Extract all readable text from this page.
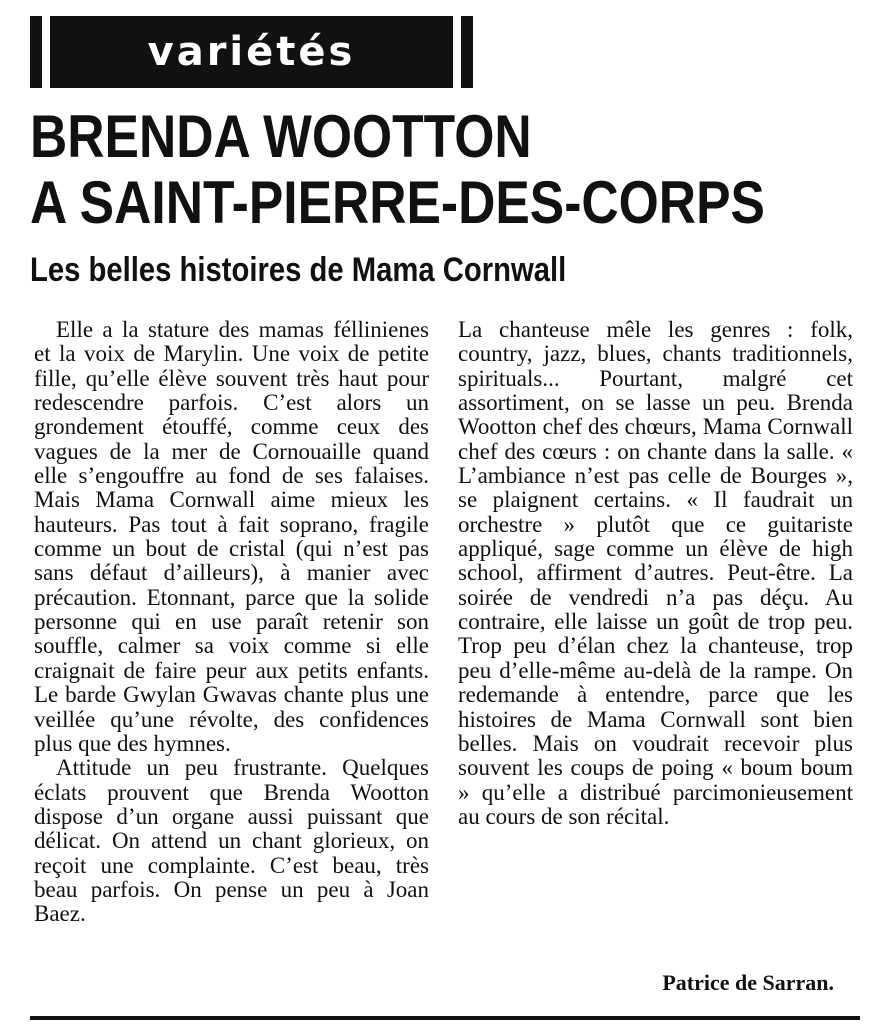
variétés
BRENDA WOOTTON
A SAINT-PIERRE-DES-CORPS
Les belles histoires de Mama Cornwall

Elle a la stature des mamas féllinienes et la voix de Marylin. Une voix de petite fille, qu’elle élève souvent très haut pour redescendre parfois. C’est alors un grondement étouffé, comme ceux des vagues de la mer de Cornouaille quand elle s’engouffre au fond de ses falaises. Mais Mama Cornwall aime mieux les hauteurs. Pas tout à fait soprano, fragile comme un bout de cristal (qui n’est pas sans défaut d’ailleurs), à manier avec précaution. Etonnant, parce que la solide personne qui en use paraît retenir son souffle, calmer sa voix comme si elle craignait de faire peur aux petits enfants. Le barde Gwylan Gwavas chante plus une veillée qu’une révolte, des confidences plus que des hymnes.

Attitude un peu frustrante. Quelques éclats prouvent que Brenda Wootton dispose d’un organe aussi puissant que délicat. On attend un chant glorieux, on reçoit une complainte. C’est beau, très beau parfois. On pense un peu à Joan Baez.

La chanteuse mêle les genres : folk, country, jazz, blues, chants traditionnels, spirituals... Pourtant, malgré cet assortiment, on se lasse un peu. Brenda Wootton chef des chœurs, Mama Cornwall chef des cœurs : on chante dans la salle. « L’ambiance n’est pas celle de Bourges », se plaignent certains. « Il faudrait un orchestre » plutôt que ce guitariste appliqué, sage comme un élève de high school, affirment d’autres. Peut-être. La soirée de vendredi n’a pas déçu. Au contraire, elle laisse un goût de trop peu. Trop peu d’élan chez la chanteuse, trop peu d’elle-même au-delà de la rampe. On redemande à entendre, parce que les histoires de Mama Cornwall sont bien belles. Mais on voudrait recevoir plus souvent les coups de poing « boum boum » qu’elle a distribué parcimonieusement au cours de son récital.

Patrice de Sarran.
